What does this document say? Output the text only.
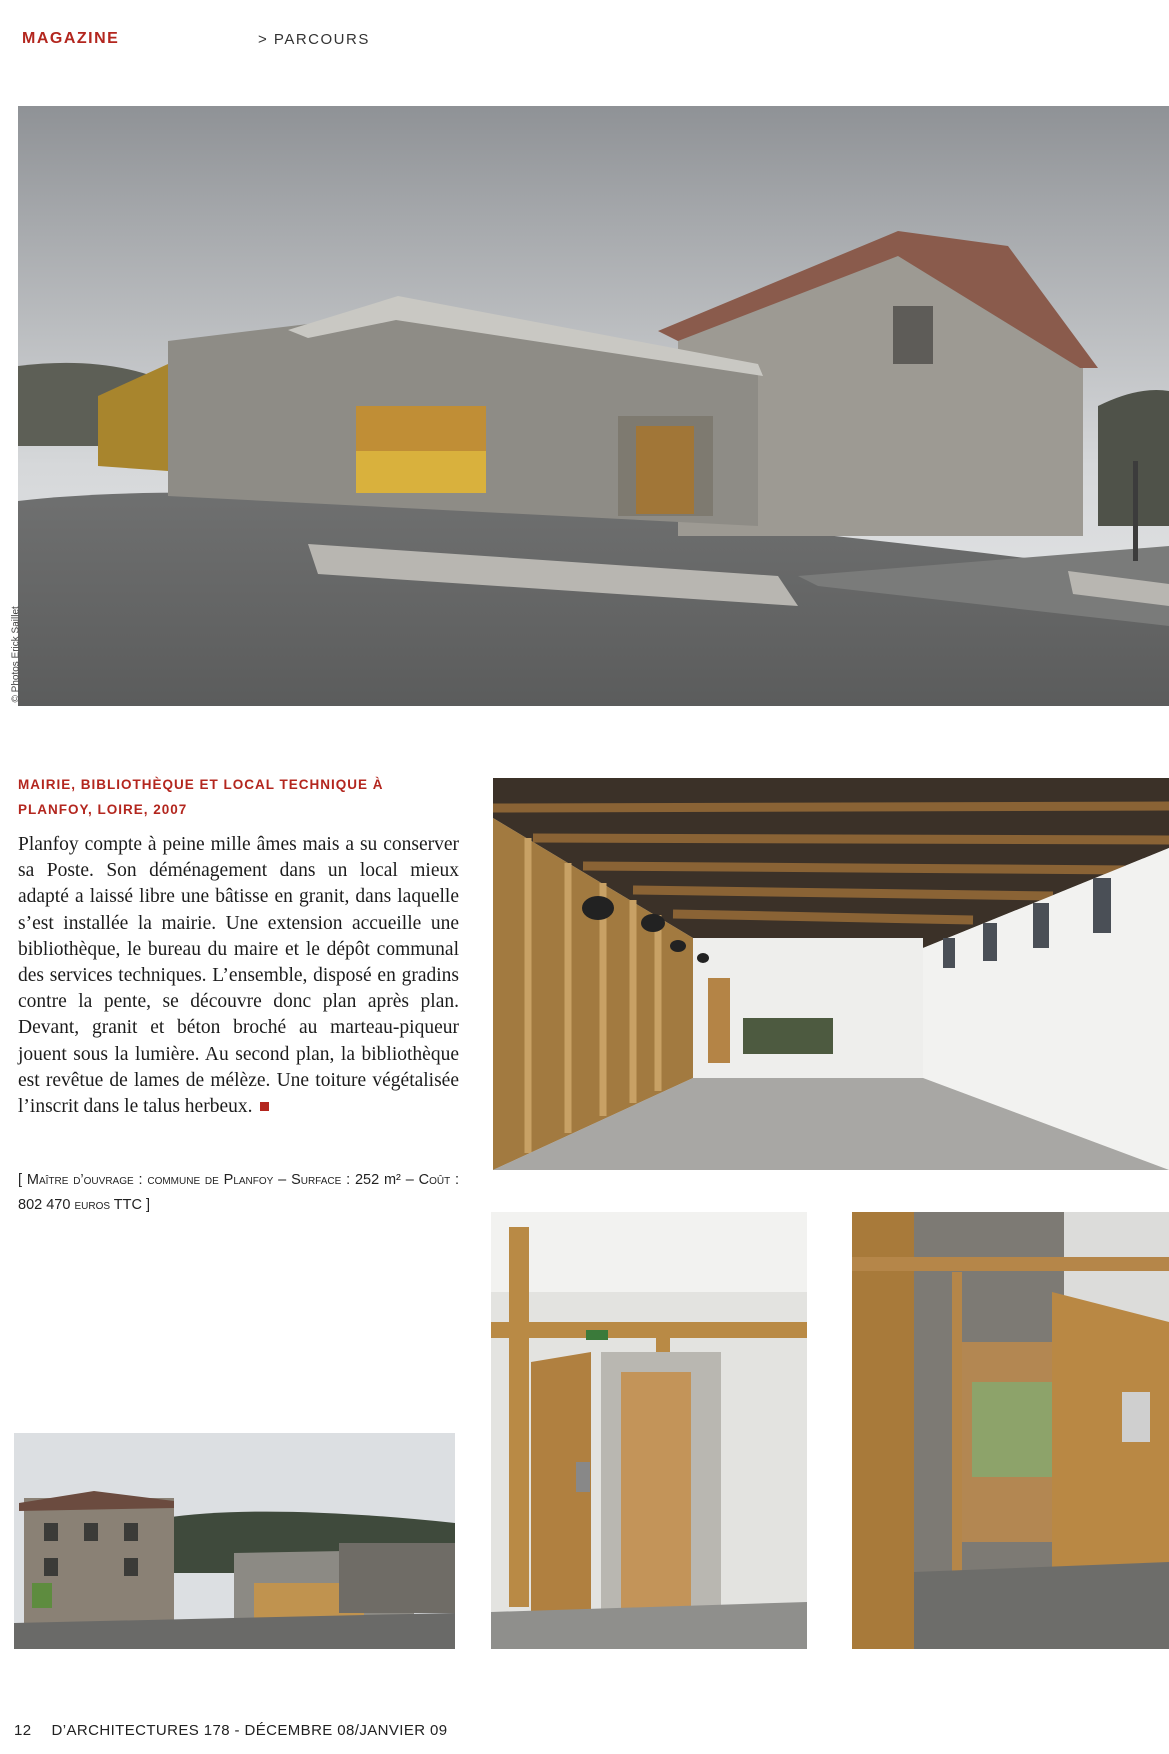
MAGAZINE	> PARCOURS
© Photos Erick Saillet
MAIRIE, BIBLIOTHÈQUE ET LOCAL TECHNIQUE À PLANFOY, LOIRE, 2007
Planfoy compte à peine mille âmes mais a su conserver sa Poste. Son déménagement dans un local mieux adapté a laissé libre une bâtisse en granit, dans laquelle s’est installée la mairie. Une extension accueille une bibliothèque, le bureau du maire et le dépôt communal des services techniques. L’ensemble, disposé en gradins contre la pente, se découvre donc plan après plan. Devant, granit et béton broché au marteau-piqueur jouent sous la lumière. Au second plan, la bibliothèque est revêtue de lames de mélèze. Une toiture végétalisée l’inscrit dans le talus herbeux.
[ Maître d’ouvrage : commune de Planfoy – Surface : 252 m² – Coût : 802 470 euros TTC ]
12 D’ARCHITECTURES 178 - DÉCEMBRE 08/JANVIER 09
